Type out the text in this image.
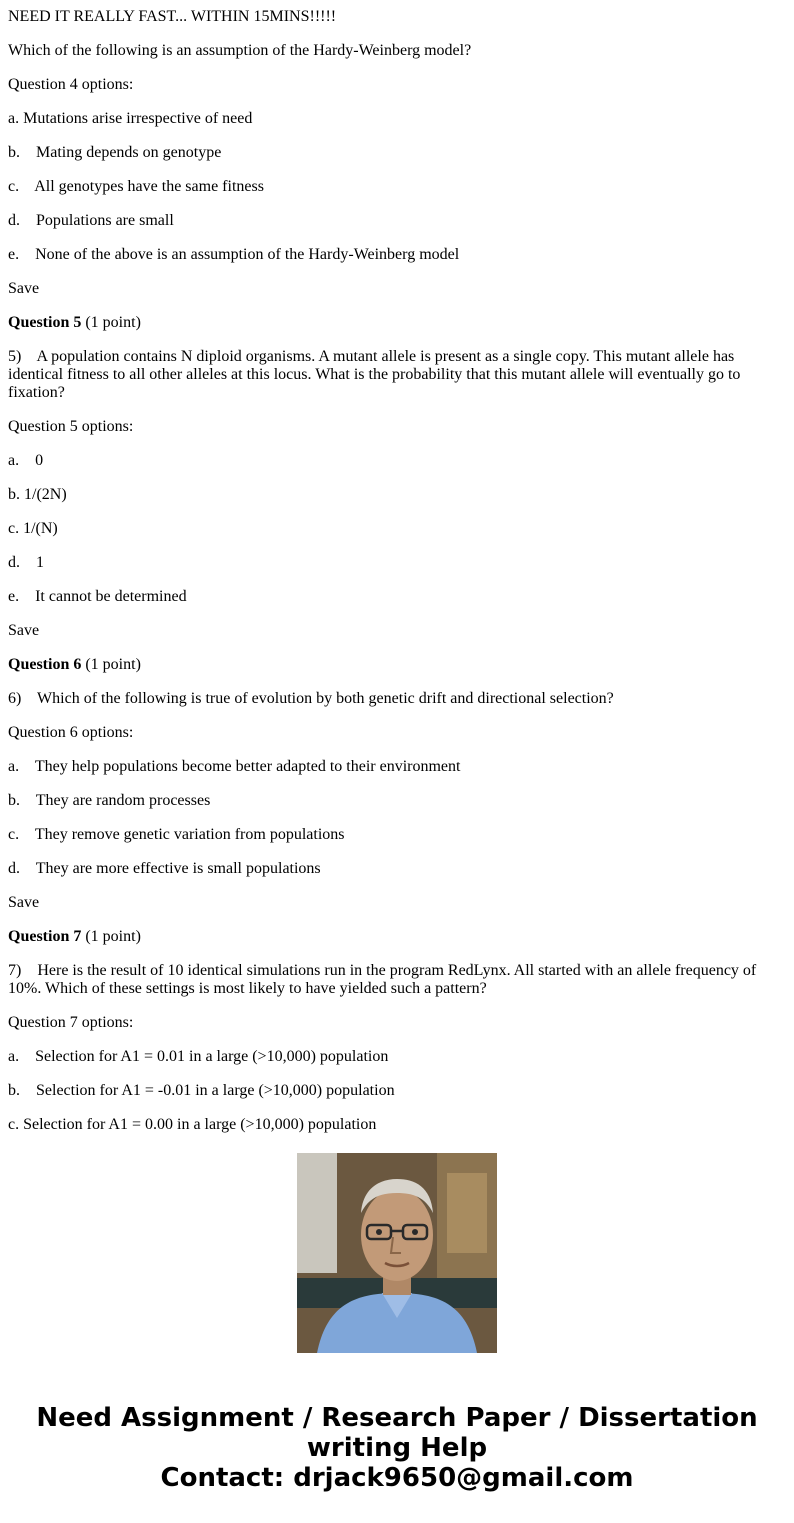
NEED IT REALLY FAST... WITHIN 15MINS!!!!!

Which of the following is an assumption of the Hardy-Weinberg model?

Question 4 options:

a. Mutations arise irrespective of need

b.    Mating depends on genotype

c.    All genotypes have the same fitness

d.    Populations are small

e.    None of the above is an assumption of the Hardy-Weinberg model

Save

Question 5 (1 point)

5)    A population contains N diploid organisms. A mutant allele is present as a single copy. This mutant allele has identical fitness to all other alleles at this locus. What is the probability that this mutant allele will eventually go to fixation?

Question 5 options:

a.    0

b. 1/(2N)

c. 1/(N)

d.    1

e.    It cannot be determined

Save

Question 6 (1 point)

6)    Which of the following is true of evolution by both genetic drift and directional selection?

Question 6 options:

a.    They help populations become better adapted to their environment

b.    They are random processes

c.    They remove genetic variation from populations

d.    They are more effective is small populations

Save

Question 7 (1 point)

7)    Here is the result of 10 identical simulations run in the program RedLynx. All started with an allele frequency of 10%. Which of these settings is most likely to have yielded such a pattern?

Question 7 options:

a.    Selection for A1 = 0.01 in a large (>10,000) population

b.    Selection for A1 = -0.01 in a large (>10,000) population

c. Selection for A1 = 0.00 in a large (>10,000) population

Need Assignment / Research Paper / Dissertation
writing Help
Contact: drjack9650@gmail.com
